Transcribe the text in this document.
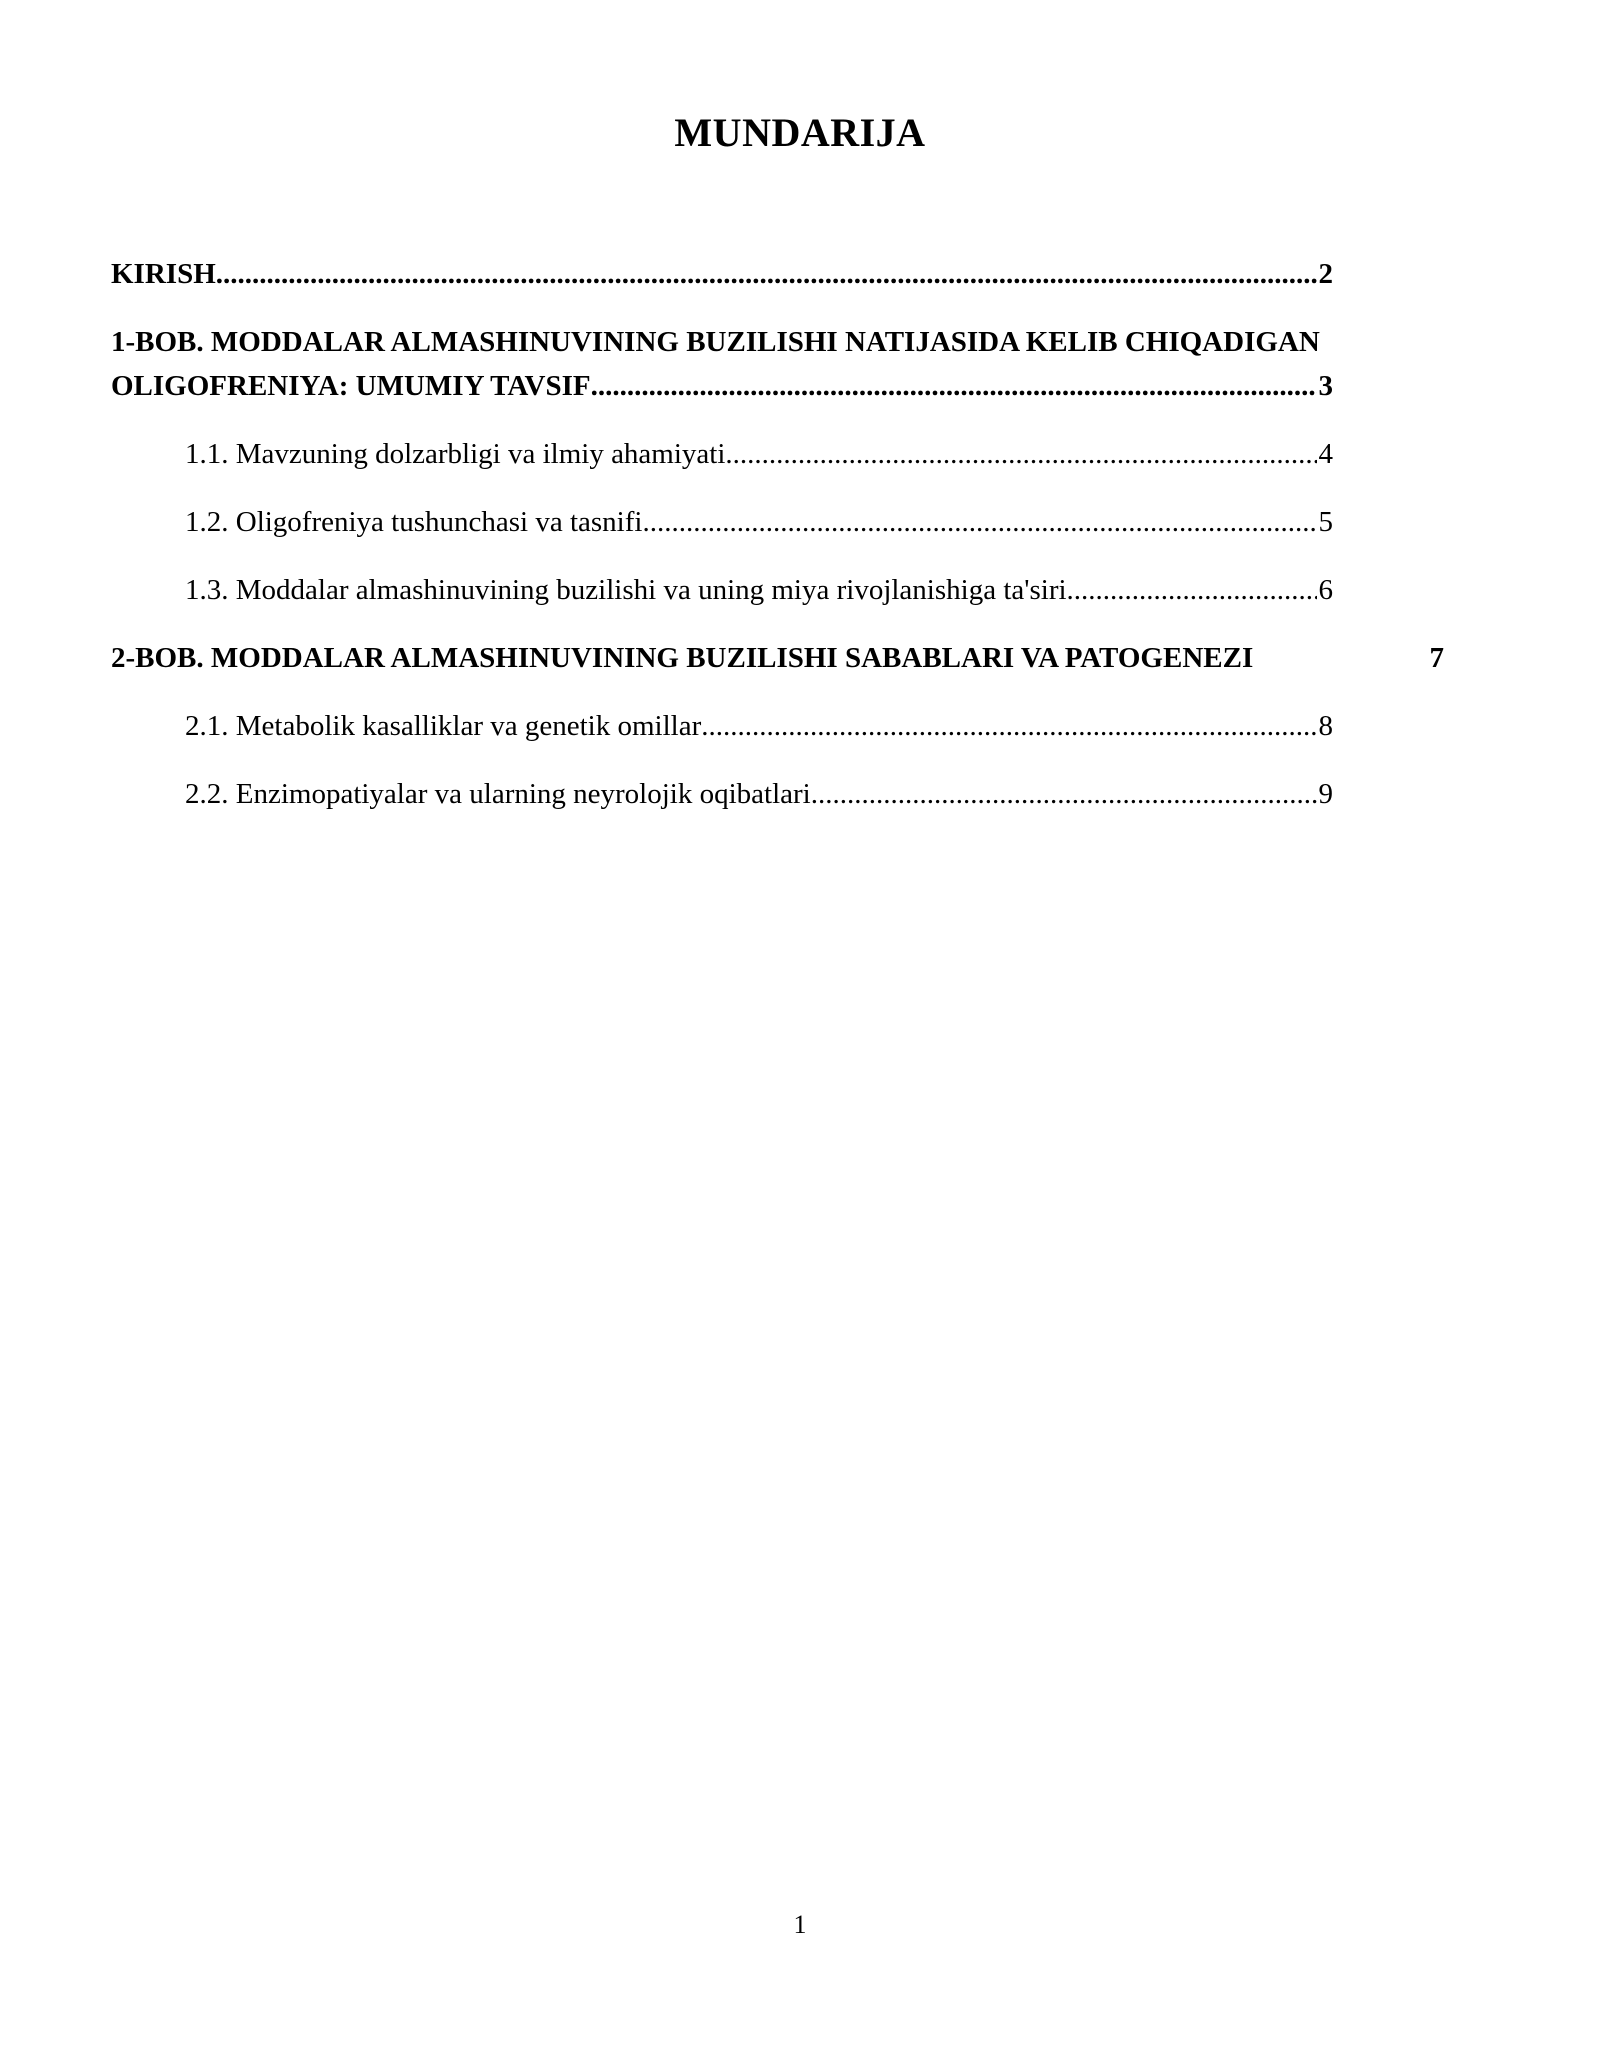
MUNDARIJA
KIRISH .....	2
1-BOB. MODDALAR ALMASHINUVINING BUZILISHI NATIJASIDA KELIB CHIQADIGAN
OLIGOFRENIYA: UMUMIY TAVSIF .....	3
1.1. Mavzuning dolzarbligi va ilmiy ahamiyati .....	4
1.2. Oligofreniya tushunchasi va tasnifi .....	5
1.3. Moddalar almashinuvining buzilishi va uning miya rivojlanishiga ta'siri .....	6
2-BOB. MODDALAR ALMASHINUVINING BUZILISHI SABABLARI VA PATOGENEZI	7
2.1. Metabolik kasalliklar va genetik omillar .....	8
2.2. Enzimopatiyalar va ularning neyrolojik oqibatlari .....	9
1
